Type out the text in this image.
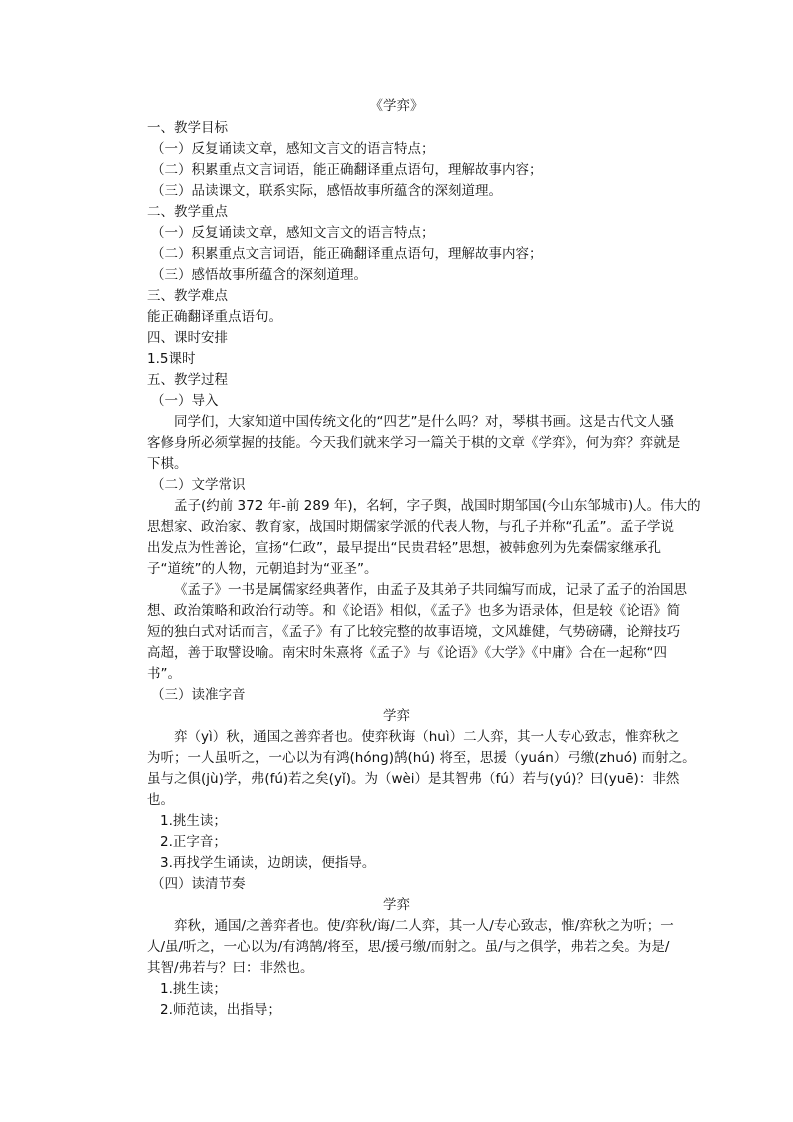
《学弈》
一、教学目标
（一）反复诵读文章，感知文言文的语言特点；
（二）积累重点文言词语，能正确翻译重点语句，理解故事内容；
（三）品读课文，联系实际，感悟故事所蕴含的深刻道理。
二、教学重点
（一）反复诵读文章，感知文言文的语言特点；
（二）积累重点文言词语，能正确翻译重点语句，理解故事内容；
（三）感悟故事所蕴含的深刻道理。
三、教学难点
能正确翻译重点语句。
四、课时安排
1.5课时
五、教学过程
（一）导入
同学们，大家知道中国传统文化的“四艺”是什么吗？对，琴棋书画。这是古代文人骚
客修身所必须掌握的技能。今天我们就来学习一篇关于棋的文章《学弈》，何为弈？弈就是
下棋。
（二）文学常识
孟子(约前 372 年-前 289 年)，名轲，字子舆，战国时期邹国(今山东邹城市)人。伟大的
思想家、政治家、教育家，战国时期儒家学派的代表人物，与孔子并称“孔孟”。孟子学说
出发点为性善论，宣扬“仁政”，最早提出“民贵君轻”思想，被韩愈列为先秦儒家继承孔
子“道统”的人物，元朝追封为“亚圣”。
《孟子》一书是属儒家经典著作，由孟子及其弟子共同编写而成，记录了孟子的治国思
想、政治策略和政治行动等。和《论语》相似，《孟子》也多为语录体，但是较《论语》简
短的独白式对话而言，《孟子》有了比较完整的故事语境，文风雄健，气势磅礴，论辩技巧
高超，善于取譬设喻。南宋时朱熹将《孟子》与《论语》《大学》《中庸》合在一起称“四
书”。
（三）读准字音
学弈
弈（yì）秋，通国之善弈者也。使弈秋诲（huì）二人弈，其一人专心致志，惟弈秋之
为听；一人虽听之，一心以为有鸿(hónɡ)鹄(hú) 将至，思援（yuán）弓缴(zhuó) 而射之。
虽与之俱(jù)学，弗(fú)若之矣(yǐ)。为（wèi）是其智弗（fú）若与(yú)？曰(yuē)：非然
也。
1.挑生读；
2.正字音；
3.再找学生诵读，边朗读，便指导。
（四）读清节奏
学弈
弈秋，通国/之善弈者也。使/弈秋/诲/二人弈，其一人/专心致志，惟/弈秋之为听；一
人/虽/听之，一心以为/有鸿鹄/将至，思/援弓缴/而射之。虽/与之俱学，弗若之矣。为是/
其智/弗若与？曰：非然也。
1.挑生读；
2.师范读，出指导；
